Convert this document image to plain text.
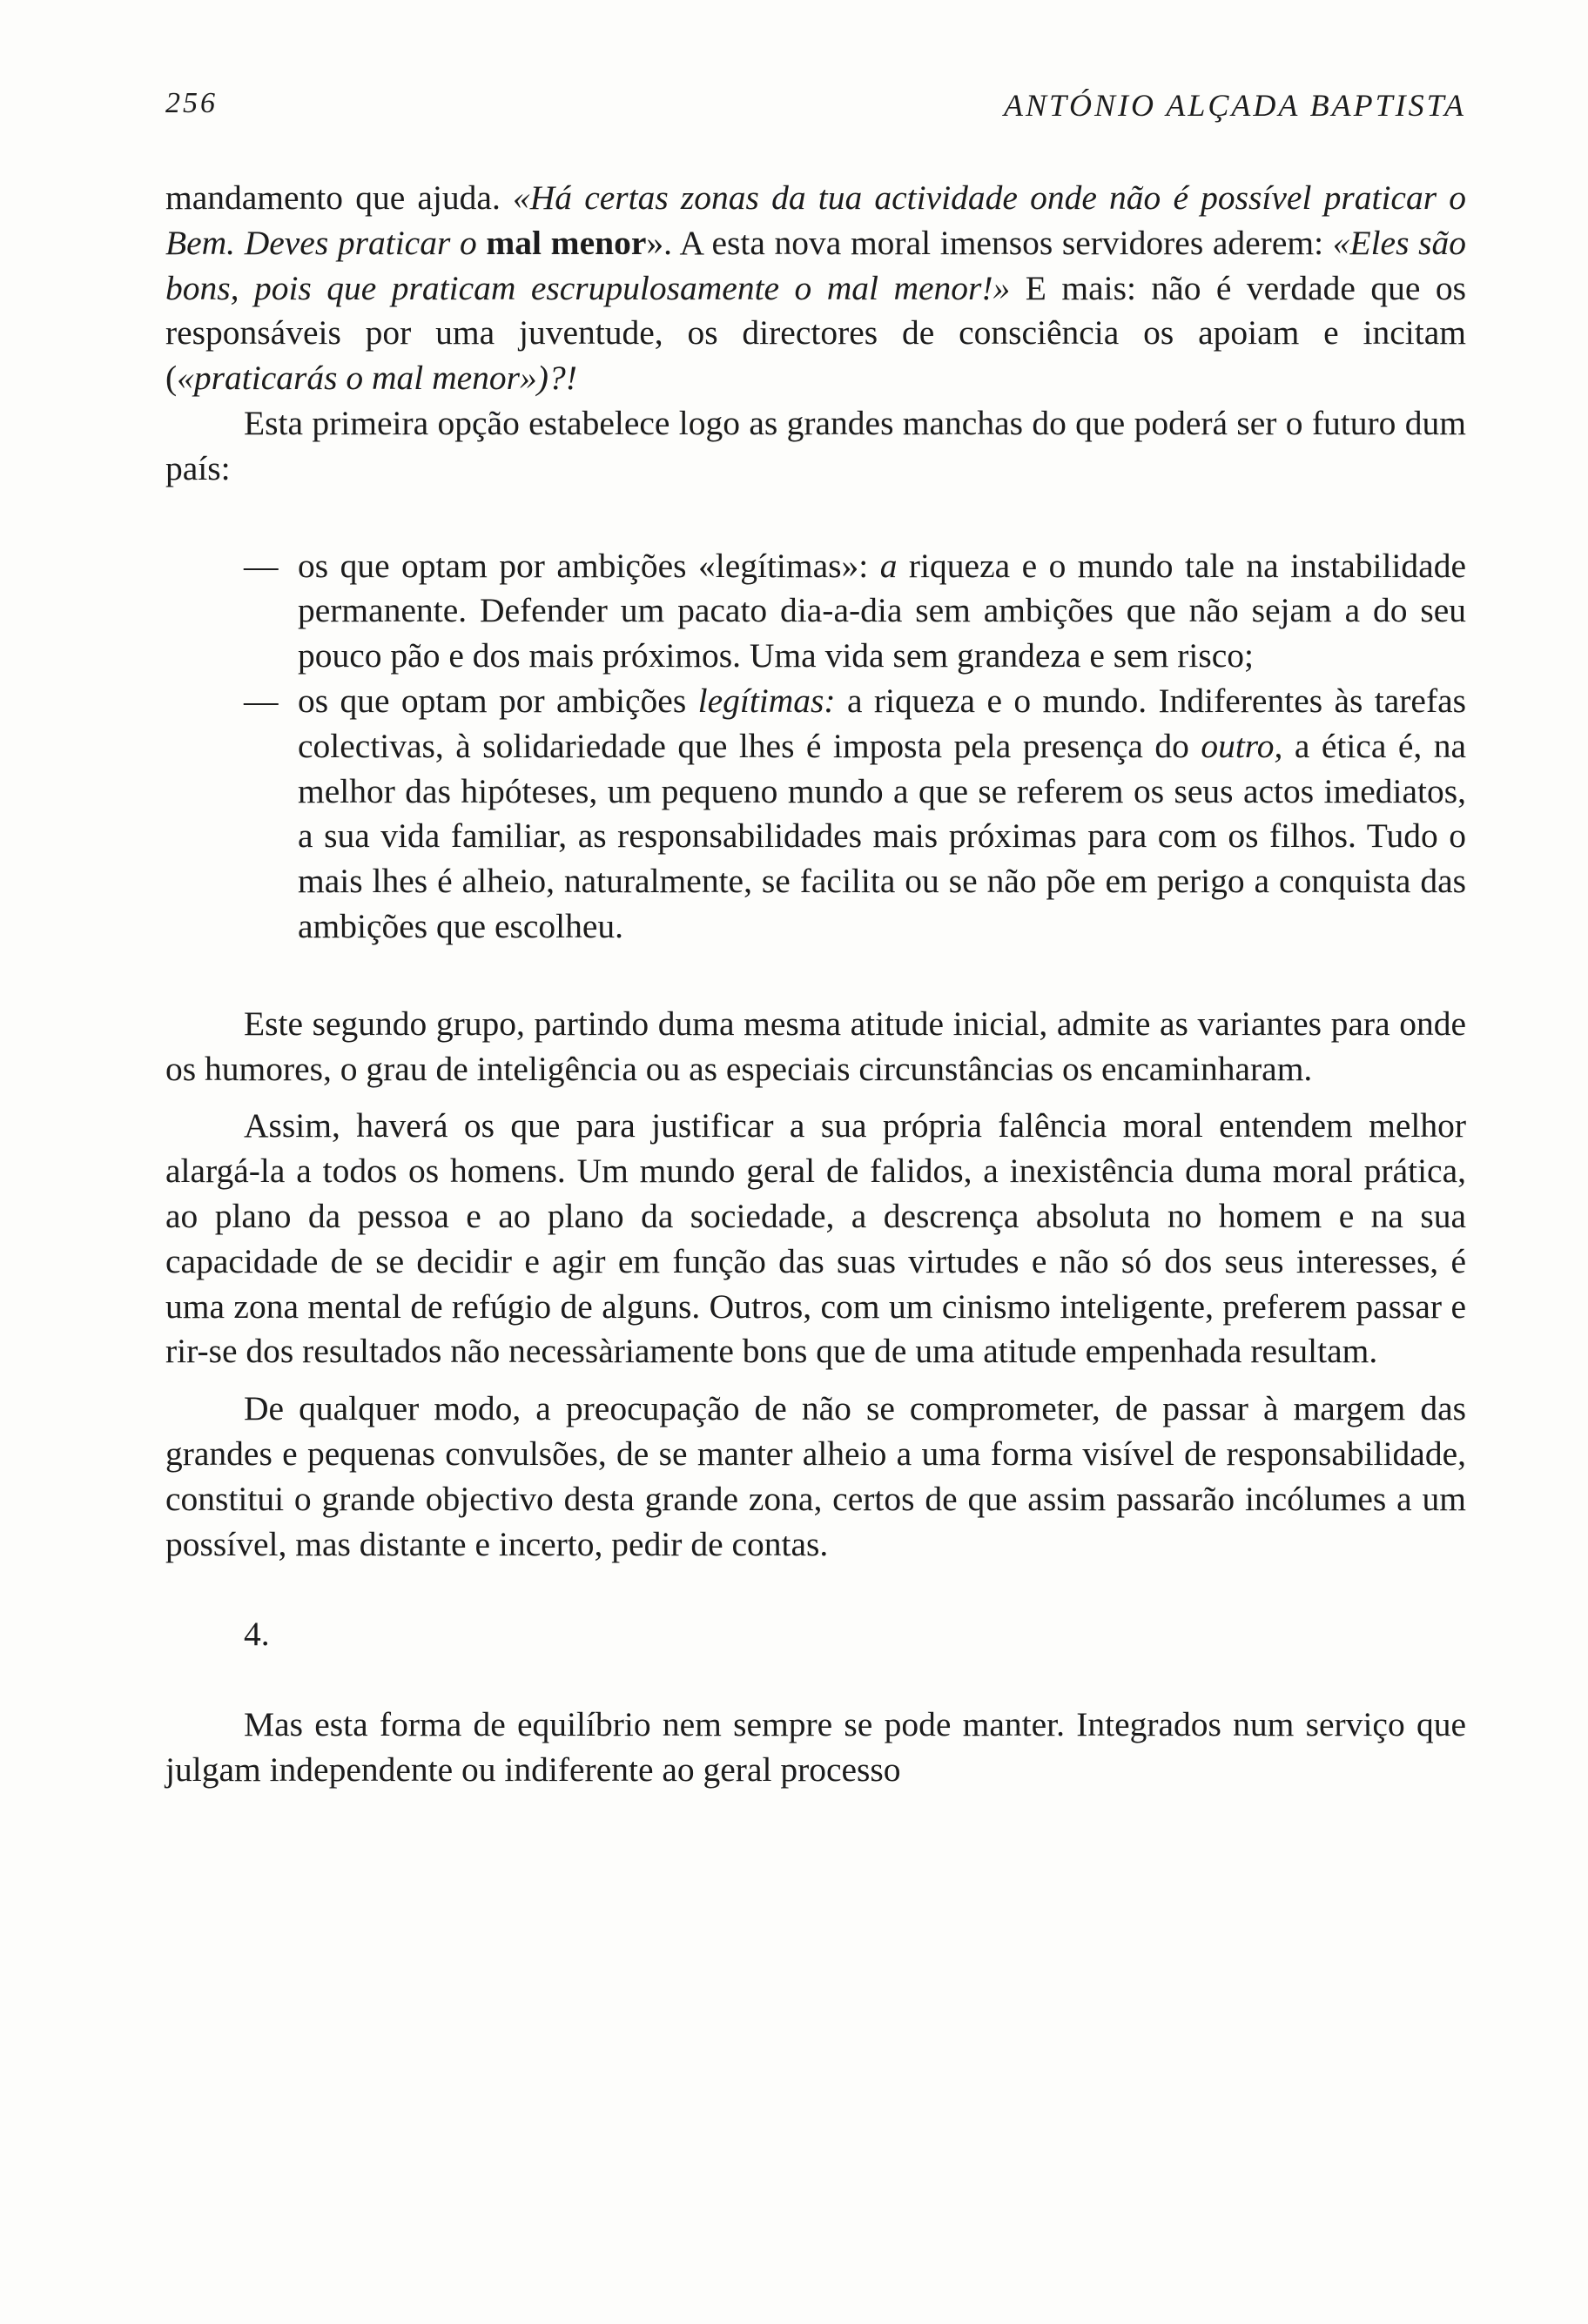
256	ANTÓNIO ALÇADA BAPTISTA

mandamento que ajuda. «Há certas zonas da tua actividade onde não é possível praticar o Bem. Deves praticar o mal menor». A esta nova moral imensos servidores aderem: «Eles são bons, pois que praticam escrupulosamente o mal menor!» E mais: não é verdade que os responsáveis por uma juventude, os directores de consciência os apoiam e incitam («praticarás o mal menor»)?!

Esta primeira opção estabelece logo as grandes manchas do que poderá ser o futuro dum país:

— os que optam por ambições «legítimas»: a riqueza e o mundo tale na instabilidade permanente. Defender um pacato dia-a-dia sem ambições que não sejam a do seu pouco pão e dos mais próximos. Uma vida sem grandeza e sem risco;
— os que optam por ambições legítimas: a riqueza e o mundo. Indiferentes às tarefas colectivas, à solidariedade que lhes é imposta pela presença do outro, a ética é, na melhor das hipóteses, um pequeno mundo a que se referem os seus actos imediatos, a sua vida familiar, as responsabilidades mais próximas para com os filhos. Tudo o mais lhes é alheio, naturalmente, se facilita ou se não põe em perigo a conquista das ambições que escolheu.

Este segundo grupo, partindo duma mesma atitude inicial, admite as variantes para onde os humores, o grau de inteligência ou as especiais circunstâncias os encaminharam.

Assim, haverá os que para justificar a sua própria falência moral entendem melhor alargá-la a todos os homens. Um mundo geral de falidos, a inexistência duma moral prática, ao plano da pessoa e ao plano da sociedade, a descrença absoluta no homem e na sua capacidade de se decidir e agir em função das suas virtudes e não só dos seus interesses, é uma zona mental de refúgio de alguns. Outros, com um cinismo inteligente, preferem passar e rir-se dos resultados não necessàriamente bons que de uma atitude empenhada resultam.

De qualquer modo, a preocupação de não se comprometer, de passar à margem das grandes e pequenas convulsões, de se manter alheio a uma forma visível de responsabilidade, constitui o grande objectivo desta grande zona, certos de que assim passarão incólumes a um possível, mas distante e incerto, pedir de contas.

4.

Mas esta forma de equilíbrio nem sempre se pode manter. Integrados num serviço que julgam independente ou indiferente ao geral processo
